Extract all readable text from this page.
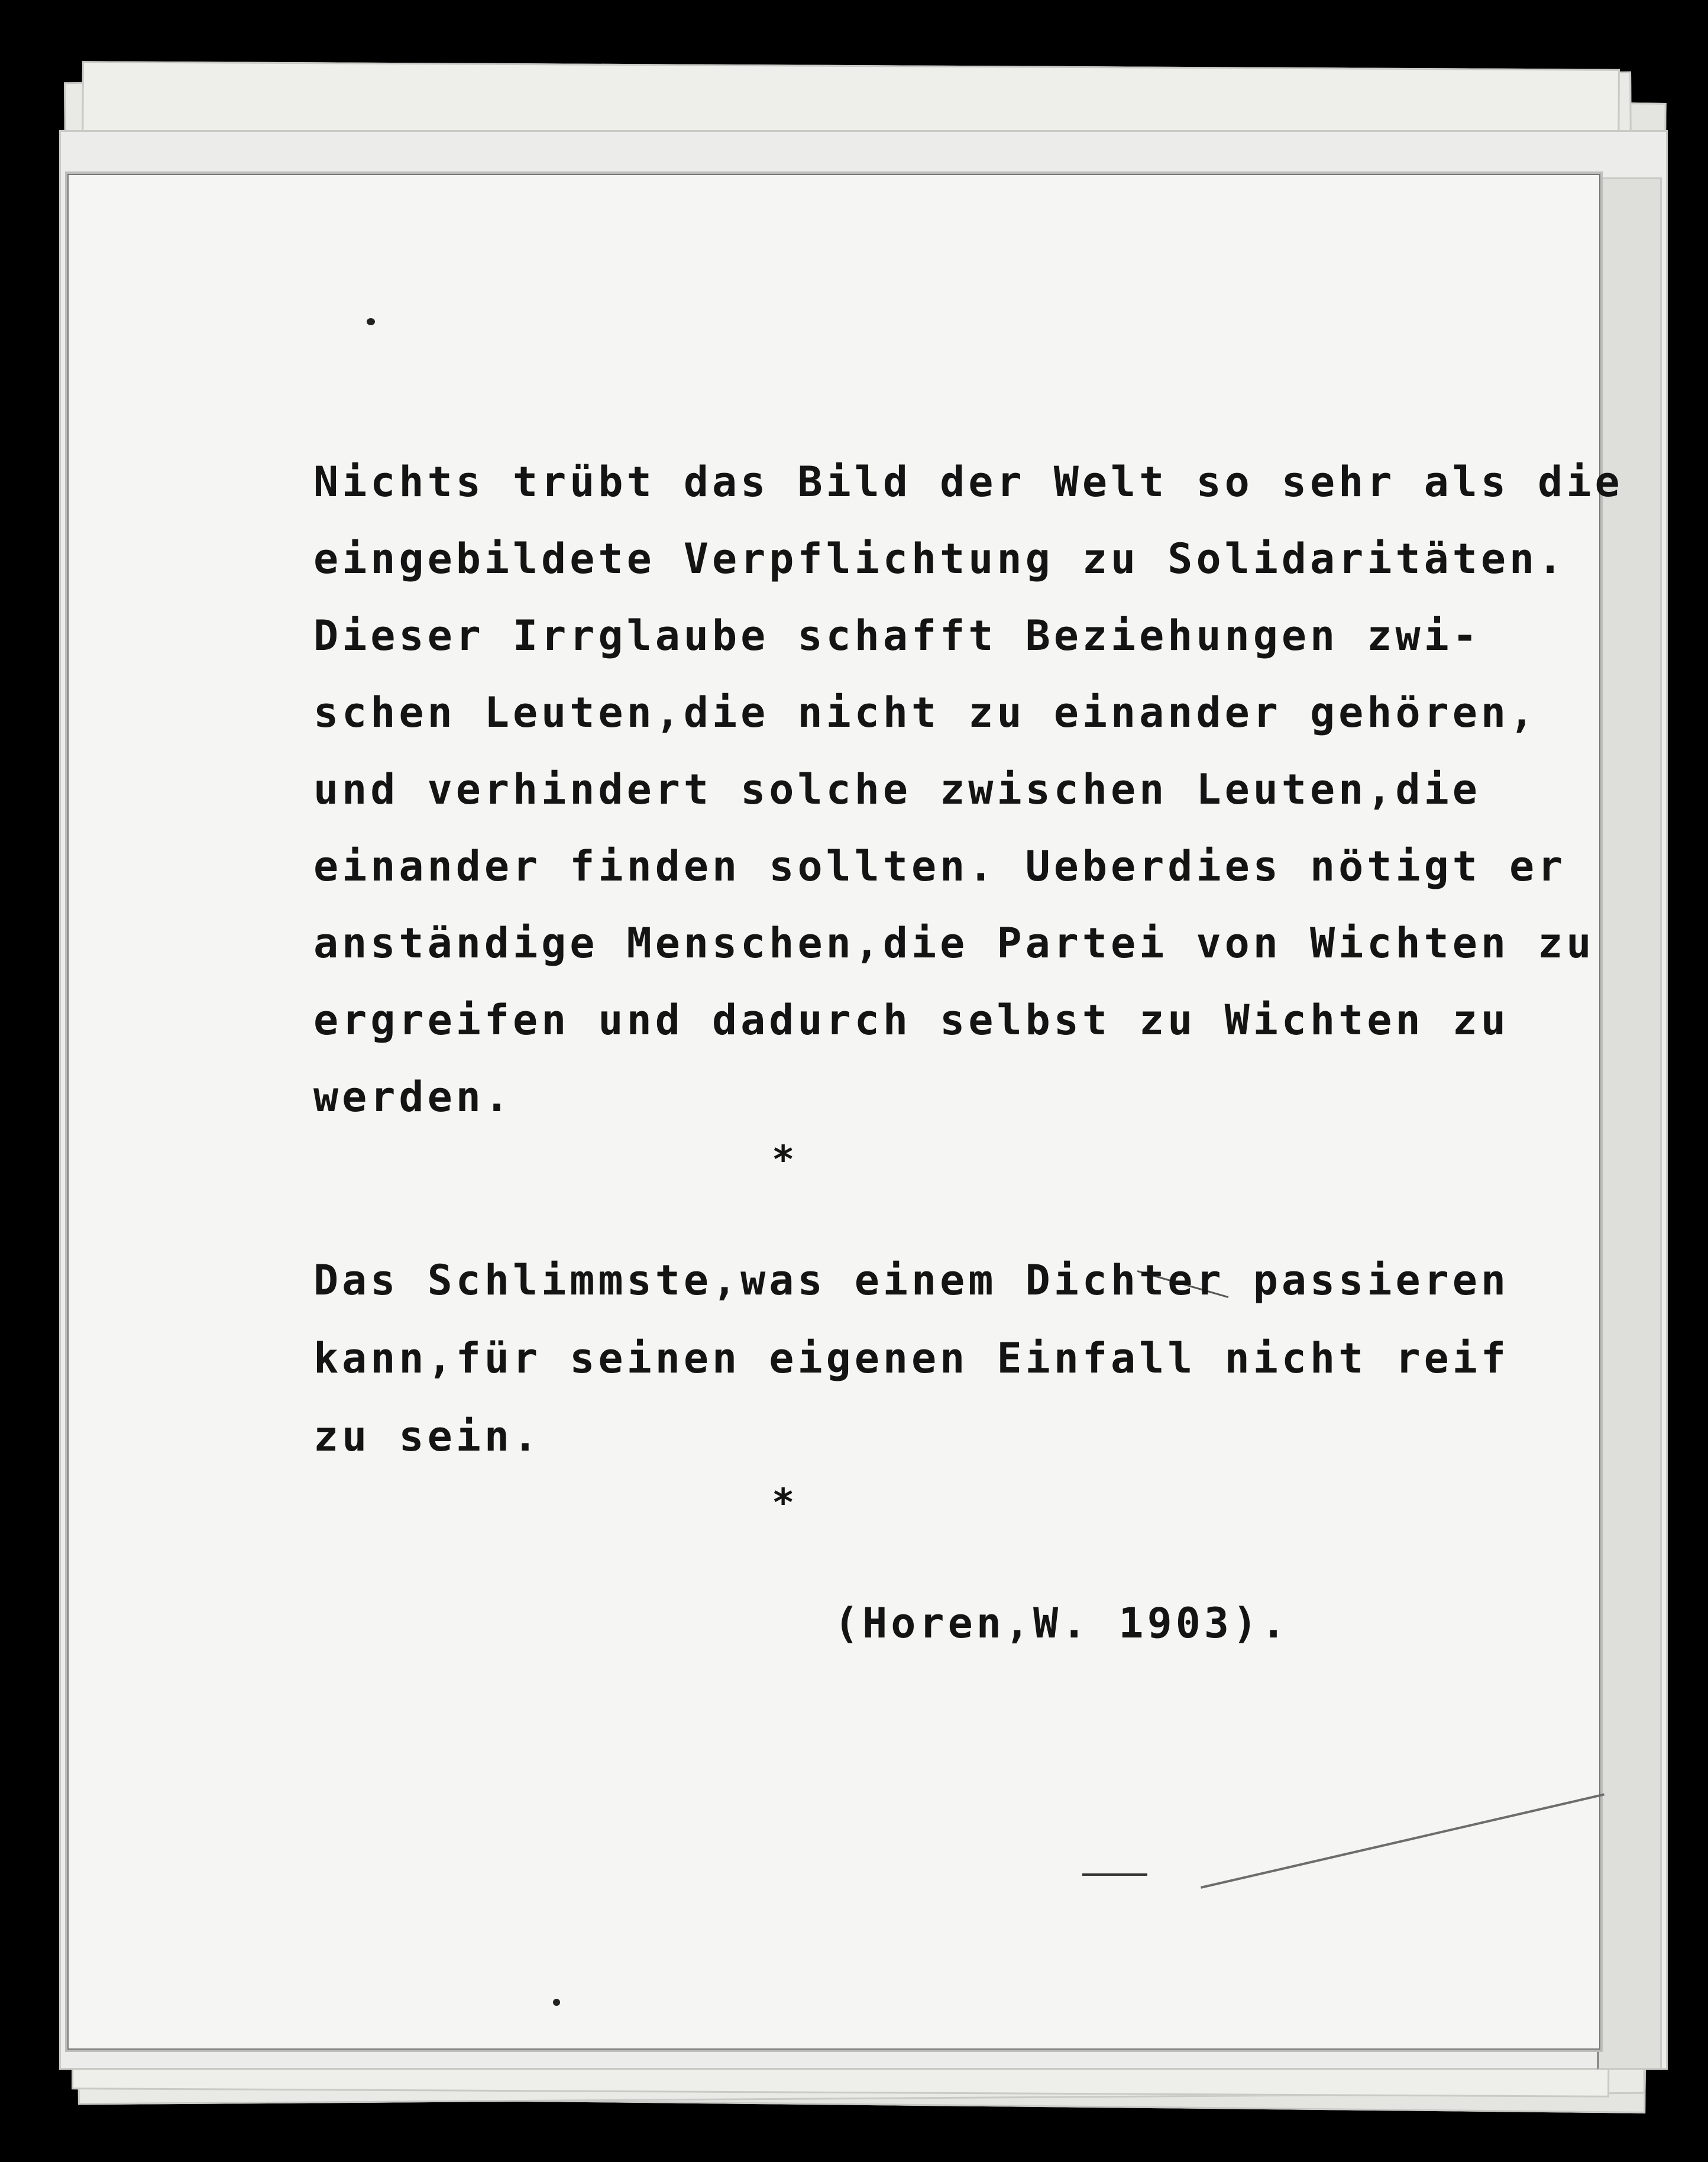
Nichts trübt das Bild der Welt so sehr als die
eingebildete Verpflichtung zu Solidaritäten.
Dieser Irrglaube schafft Beziehungen zwi-
schen Leuten,die nicht zu einander gehören,
und verhindert solche zwischen Leuten,die
einander finden sollten. Ueberdies nötigt er
anständige Menschen,die Partei von Wichten zu
ergreifen und dadurch selbst zu Wichten zu
werden.
*
Das Schlimmste,was einem Dichter passieren
kann,für seinen eigenen Einfall nicht reif
zu sein.
*
(Horen,W. 1903).
